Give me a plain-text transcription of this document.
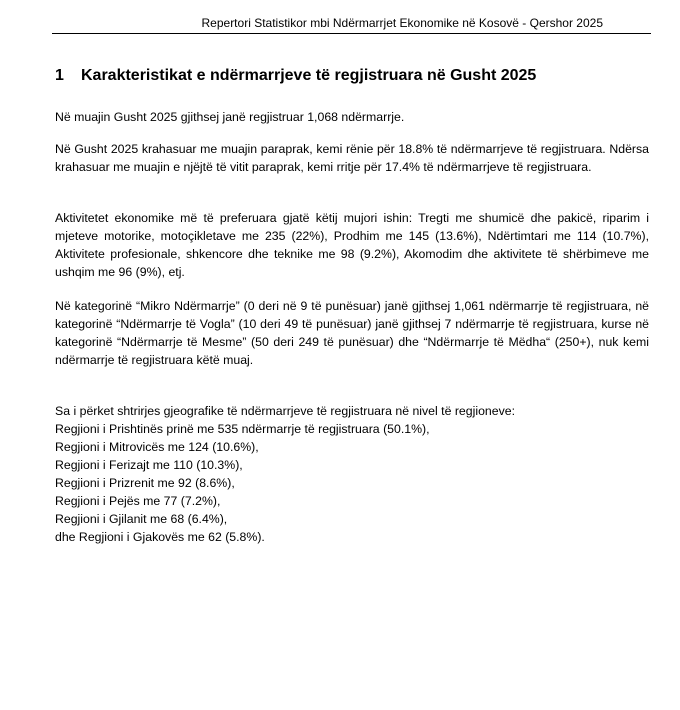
Repertori Statistikor mbi Ndërmarrjet Ekonomike në Kosovë - Qershor 2025
1 Karakteristikat e ndërmarrjeve të regjistruara në Gusht 2025

Në muajin Gusht 2025 gjithsej janë regjistruar 1,068 ndërmarrje.

Në Gusht 2025 krahasuar me muajin paraprak, kemi rënie për 18.8% të ndërmarrjeve të regjistruara. Ndërsa krahasuar me muajin e njëjtë të vitit paraprak, kemi rritje për 17.4% të ndërmarrjeve të regjistruara.

Aktivitetet ekonomike më të preferuara gjatë këtij mujori ishin: Tregti me shumicë dhe pakicë, riparim i mjeteve motorike, motoçikletave me 235 (22%), Prodhim me 145 (13.6%), Ndërtimtari me 114 (10.7%), Aktivitete profesionale, shkencore dhe teknike me 98 (9.2%), Akomodim dhe aktivitete të shërbimeve me ushqim me 96 (9%), etj.

Në kategorinë “Mikro Ndërmarrje” (0 deri në 9 të punësuar) janë gjithsej 1,061 ndërmarrje të regjistruara, në kategorinë “Ndërmarrje të Vogla” (10 deri 49 të punësuar) janë gjithsej 7 ndërmarrje të regjistruara, kurse në kategorinë “Ndërmarrje të Mesme” (50 deri 249 të punësuar) dhe “Ndërmarrje të Mëdha“ (250+), nuk kemi ndërmarrje të regjistruara këtë muaj.

Sa i përket shtrirjes gjeografike të ndërmarrjeve të regjistruara në nivel të regjioneve:
Regjioni i Prishtinës prinë me 535 ndërmarrje të regjistruara (50.1%),
Regjioni i Mitrovicës me 124 (10.6%),
Regjioni i Ferizajt me 110 (10.3%),
Regjioni i Prizrenit me 92 (8.6%),
Regjioni i Pejës me 77 (7.2%),
Regjioni i Gjilanit me 68 (6.4%),
dhe Regjioni i Gjakovës me 62 (5.8%).
